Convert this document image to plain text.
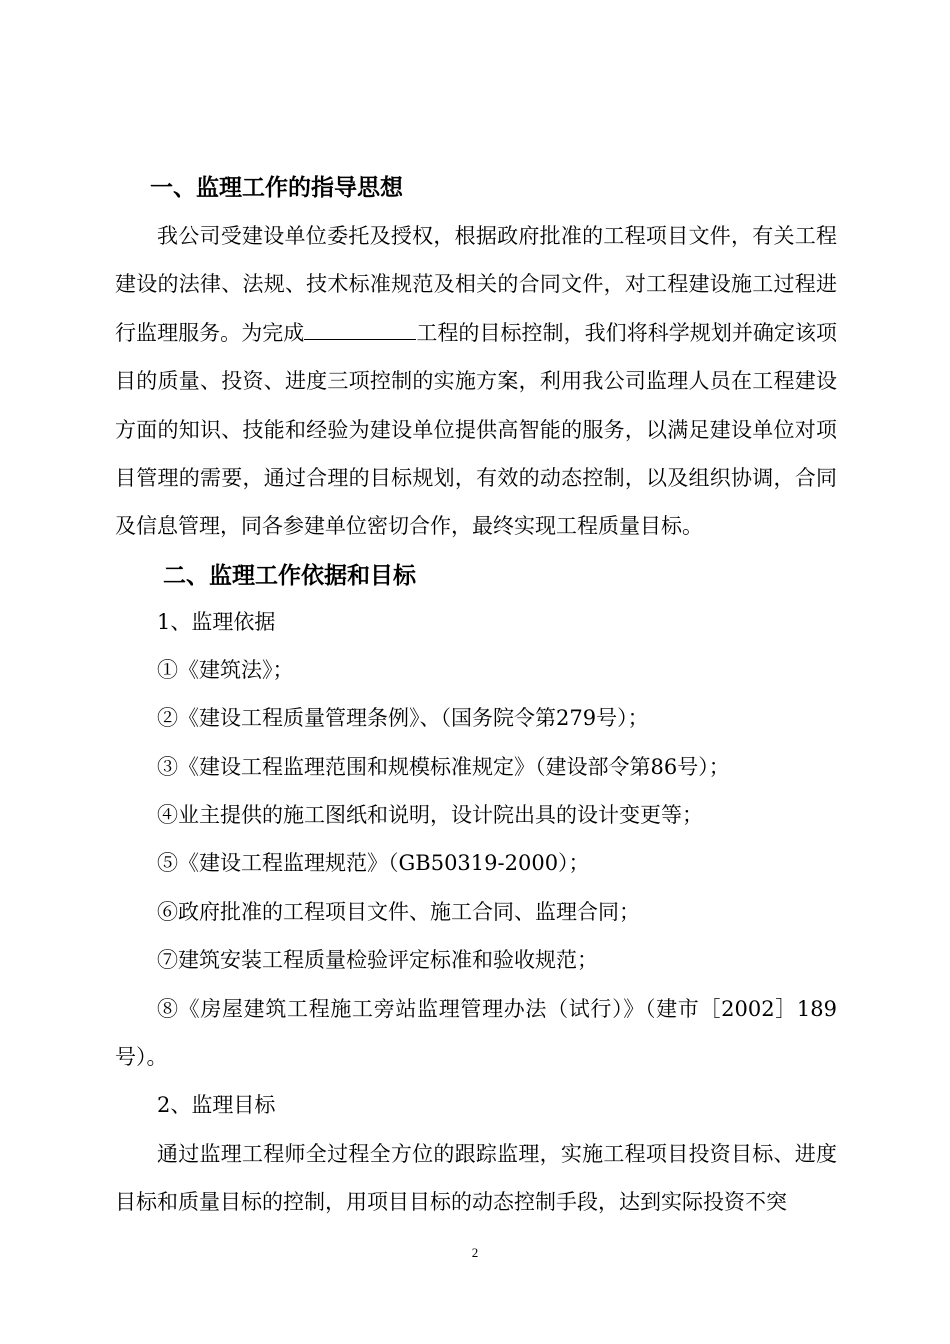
一、监理工作的指导思想

我公司受建设单位委托及授权，根据政府批准的工程项目文件，有关工程建设的法律、法规、技术标准规范及相关的合同文件，对工程建设施工过程进行监理服务。为完成	工程的目标控制，我们将科学规划并确定该项目的质量、投资、进度三项控制的实施方案，利用我公司监理人员在工程建设方面的知识、技能和经验为建设单位提供高智能的服务，以满足建设单位对项目管理的需要，通过合理的目标规划，有效的动态控制，以及组织协调，合同及信息管理，同各参建单位密切合作，最终实现工程质量目标。

二、监理工作依据和目标
1、监理依据
①《建筑法》；
②《建设工程质量管理条例》、（国务院令第279号）；
③《建设工程监理范围和规模标准规定》（建设部令第86号）；
④业主提供的施工图纸和说明，设计院出具的设计变更等；
⑤《建设工程监理规范》（GB50319-2000）；
⑥政府批准的工程项目文件、施工合同、监理合同；
⑦建筑安装工程质量检验评定标准和验收规范；

⑧《房屋建筑工程施工旁站监理管理办法（试行）》（建市［2002］189号）。

2、监理目标

通过监理工程师全过程全方位的跟踪监理，实施工程项目投资目标、进度目标和质量目标的控制，用项目目标的动态控制手段，达到实际投资不突

2
